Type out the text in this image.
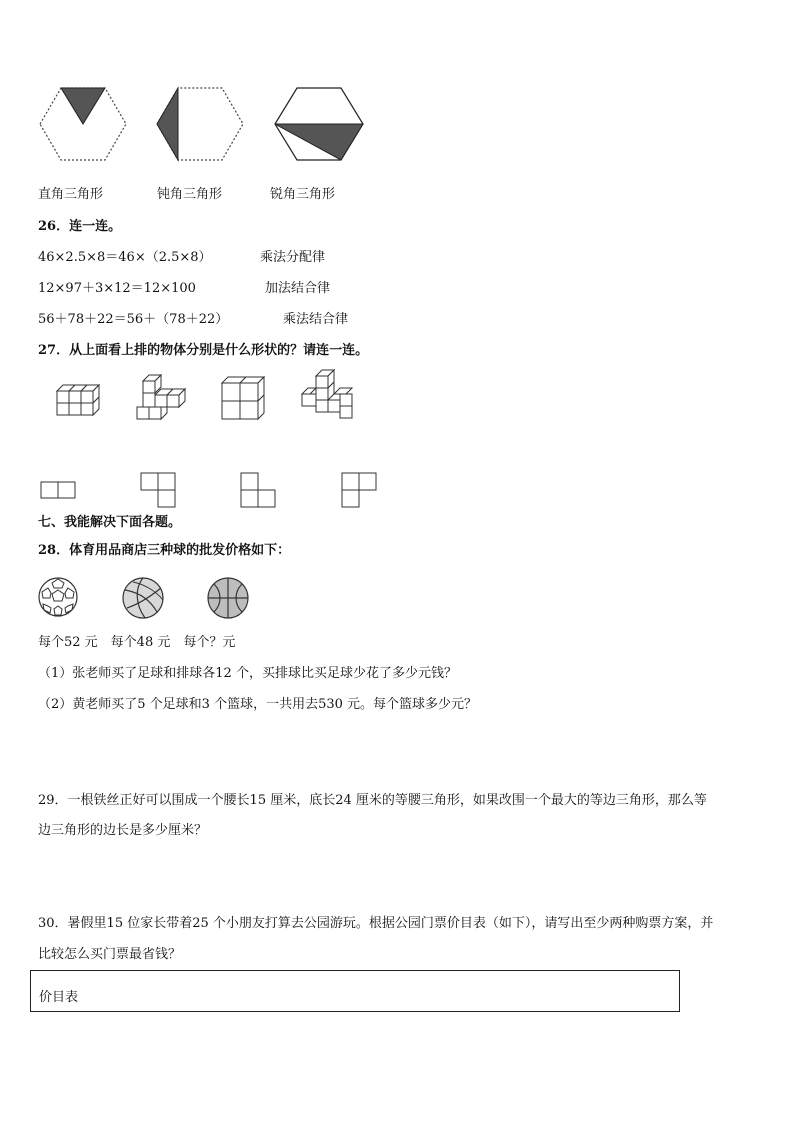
直角三角形	钝角三角形	锐角三角形
26．连一连。
46×2.5×8＝46×（2.5×8）	乘法分配律
12×97＋3×12＝12×100	加法结合律
56＋78＋22＝56＋（78＋22）	乘法结合律
27．从上面看上排的物体分别是什么形状的？请连一连。
七、我能解决下面各题。
28．体育用品商店三种球的批发价格如下：
每个52 元　每个48 元　每个？元
（1）张老师买了足球和排球各12 个，买排球比买足球少花了多少元钱？
（2）黄老师买了5 个足球和3 个篮球，一共用去530 元。每个篮球多少元？
29．一根铁丝正好可以围成一个腰长15 厘米，底长24 厘米的等腰三角形，如果改围一个最大的等边三角形，那么等
边三角形的边长是多少厘米？
30．暑假里15 位家长带着25 个小朋友打算去公园游玩。根据公园门票价目表（如下），请写出至少两种购票方案，并
比较怎么买门票最省钱？
价目表
